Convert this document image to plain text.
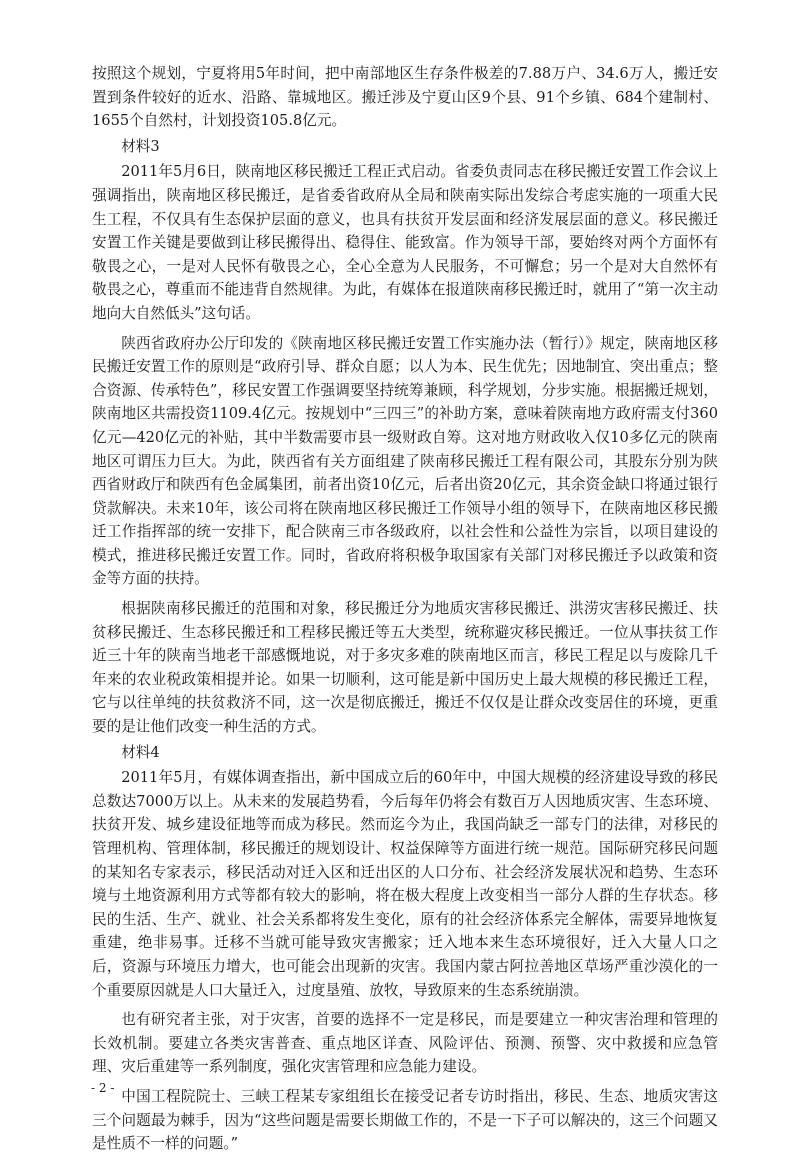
按照这个规划，宁夏将用5年时间，把中南部地区生存条件极差的7.88万户、34.6万人，搬迁安置到条件较好的近水、沿路、靠城地区。搬迁涉及宁夏山区9个县、91个乡镇、684个建制村、1655个自然村，计划投资105.8亿元。

材料3

2011年5月6日，陕南地区移民搬迁工程正式启动。省委负责同志在移民搬迁安置工作会议上强调指出，陕南地区移民搬迁，是省委省政府从全局和陕南实际出发综合考虑实施的一项重大民生工程，不仅具有生态保护层面的意义，也具有扶贫开发层面和经济发展层面的意义。移民搬迁安置工作关键是要做到让移民搬得出、稳得住、能致富。作为领导干部，要始终对两个方面怀有敬畏之心，一是对人民怀有敬畏之心，全心全意为人民服务，不可懈怠；另一个是对大自然怀有敬畏之心，尊重而不能违背自然规律。为此，有媒体在报道陕南移民搬迁时，就用了“第一次主动地向大自然低头”这句话。

陕西省政府办公厅印发的《陕南地区移民搬迁安置工作实施办法（暂行）》规定，陕南地区移民搬迁安置工作的原则是“政府引导、群众自愿；以人为本、民生优先；因地制宜、突出重点；整合资源、传承特色”，移民安置工作强调要坚持统筹兼顾，科学规划，分步实施。根据搬迁规划，陕南地区共需投资1109.4亿元。按规划中“三四三”的补助方案，意味着陕南地方政府需支付360亿元—420亿元的补贴，其中半数需要市县一级财政自筹。这对地方财政收入仅10多亿元的陕南地区可谓压力巨大。为此，陕西省有关方面组建了陕南移民搬迁工程有限公司，其股东分别为陕西省财政厅和陕西有色金属集团，前者出资10亿元，后者出资20亿元，其余资金缺口将通过银行贷款解决。未来10年，该公司将在陕南地区移民搬迁工作领导小组的领导下，在陕南地区移民搬迁工作指挥部的统一安排下，配合陕南三市各级政府，以社会性和公益性为宗旨，以项目建设的模式，推进移民搬迁安置工作。同时，省政府将积极争取国家有关部门对移民搬迁予以政策和资金等方面的扶持。

根据陕南移民搬迁的范围和对象，移民搬迁分为地质灾害移民搬迁、洪涝灾害移民搬迁、扶贫移民搬迁、生态移民搬迁和工程移民搬迁等五大类型，统称避灾移民搬迁。一位从事扶贫工作近三十年的陕南当地老干部感慨地说，对于多灾多难的陕南地区而言，移民工程足以与废除几千年来的农业税政策相提并论。如果一切顺利，这可能是新中国历史上最大规模的移民搬迁工程，它与以往单纯的扶贫救济不同，这一次是彻底搬迁，搬迁不仅仅是让群众改变居住的环境，更重要的是让他们改变一种生活的方式。

材料4

2011年5月，有媒体调查指出，新中国成立后的60年中，中国大规模的经济建设导致的移民总数达7000万以上。从未来的发展趋势看，今后每年仍将会有数百万人因地质灾害、生态环境、扶贫开发、城乡建设征地等而成为移民。然而迄今为止，我国尚缺乏一部专门的法律，对移民的管理机构、管理体制，移民搬迁的规划设计、权益保障等方面进行统一规范。国际研究移民问题的某知名专家表示，移民活动对迁入区和迁出区的人口分布、社会经济发展状况和趋势、生态环境与土地资源利用方式等都有较大的影响，将在极大程度上改变相当一部分人群的生存状态。移民的生活、生产、就业、社会关系都将发生变化，原有的社会经济体系完全解体，需要异地恢复重建，绝非易事。迁移不当就可能导致灾害搬家；迁入地本来生态环境很好，迁入大量人口之后，资源与环境压力增大，也可能会出现新的灾害。我国内蒙古阿拉善地区草场严重沙漠化的一个重要原因就是人口大量迁入，过度垦殖、放牧，导致原来的生态系统崩溃。

也有研究者主张，对于灾害，首要的选择不一定是移民，而是要建立一种灾害治理和管理的长效机制。要建立各类灾害普查、重点地区详查、风险评估、预测、预警、灾中救援和应急管理、灾后重建等一系列制度，强化灾害管理和应急能力建设。

中国工程院院士、三峡工程某专家组组长在接受记者专访时指出，移民、生态、地质灾害这三个问题最为棘手，因为“这些问题是需要长期做工作的，不是一下子可以解决的，这三个问题又是性质不一样的问题。”

- 2 -
